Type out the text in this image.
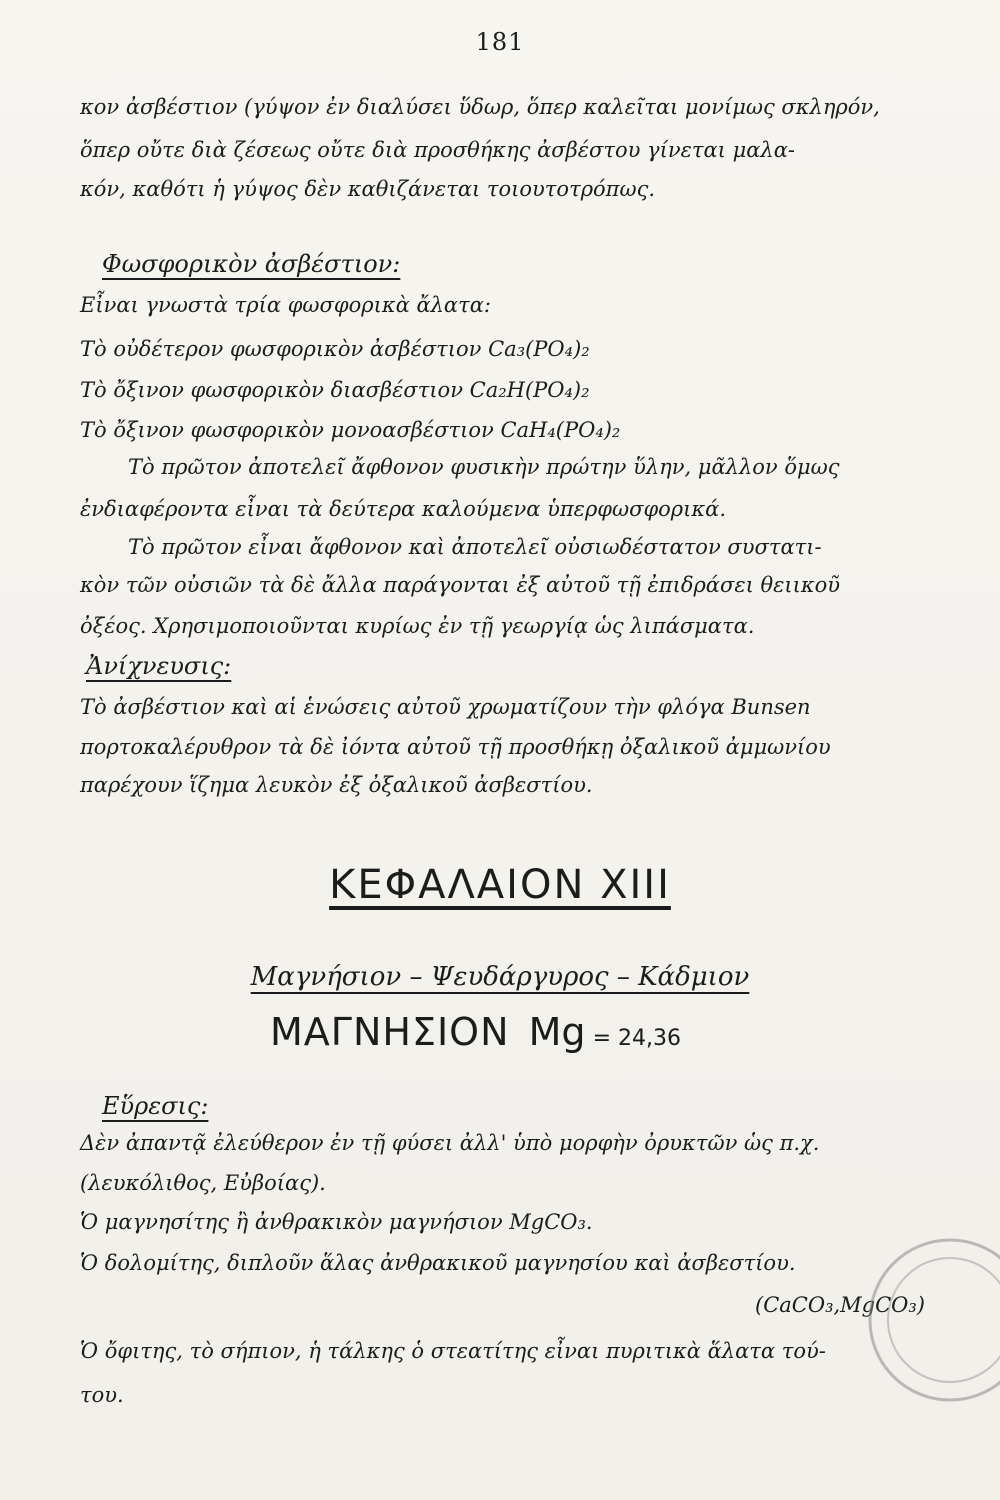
181
κον ἀσβέστιον (γύψον ἐν διαλύσει ὕδωρ, ὅπερ καλεῖται μονίμως σκληρόν,
ὅπερ οὔτε διὰ ζέσεως οὔτε διὰ προσθήκης ἀσβέστου γίνεται μαλα-
κόν, καθότι ἡ γύψος δὲν καθιζάνεται τοιουτοτρόπως.
Φωσφορικὸν ἀσβέστιον:
Εἶναι γνωστὰ τρία φωσφορικὰ ἄλατα:
Τὸ οὐδέτερον φωσφορικὸν ἀσβέστιον Ca₃(PO₄)₂
Τὸ ὄξινον φωσφορικὸν διασβέστιον Ca₂H(PO₄)₂
Τὸ ὄξινον φωσφορικὸν μονοασβέστιον CaH₄(PO₄)₂
Τὸ πρῶτον ἀποτελεῖ ἄφθονον φυσικὴν πρώτην ὕλην, μᾶλλον ὅμως
ἐνδιαφέροντα εἶναι τὰ δεύτερα καλούμενα ὑπερφωσφορικά.
Τὸ πρῶτον εἶναι ἄφθονον καὶ ἀποτελεῖ οὐσιωδέστατον συστατι-
κὸν τῶν οὐσιῶν τὰ δὲ ἄλλα παράγονται ἐξ αὐτοῦ τῇ ἐπιδράσει θειικοῦ
ὀξέος. Χρησιμοποιοῦνται κυρίως ἐν τῇ γεωργίᾳ ὡς λιπάσματα.
Ἀνίχνευσις:
Τὸ ἀσβέστιον καὶ αἱ ἑνώσεις αὐτοῦ χρωματίζουν τὴν φλόγα Bunsen
πορτοκαλέρυθρον τὰ δὲ ἰόντα αὐτοῦ τῇ προσθήκῃ ὀξαλικοῦ ἀμμωνίου
παρέχουν ἵζημα λευκὸν ἐξ ὀξαλικοῦ ἀσβεστίου.
ΚΕΦΑΛΑΙΟΝ XIII
Μαγνήσιον – Ψευδάργυρος – Κάδμιον
ΜΑΓΝΗΣΙΟΝ Mg = 24,36
Εὕρεσις:
Δὲν ἀπαντᾷ ἐλεύθερον ἐν τῇ φύσει ἀλλ' ὑπὸ μορφὴν ὀρυκτῶν ὡς π.χ.
(λευκόλιθος, Εὐβοίας).
Ὁ μαγνησίτης ἢ ἀνθρακικὸν μαγνήσιον MgCO₃.
Ὁ δολομίτης, διπλοῦν ἅλας ἀνθρακικοῦ μαγνησίου καὶ ἀσβεστίου.
(CaCO₃,MgCO₃)
Ὁ ὄφιτης, τὸ σήπιον, ἡ τάλκης ὁ στεατίτης εἶναι πυριτικὰ ἅλατα τού-
του.
